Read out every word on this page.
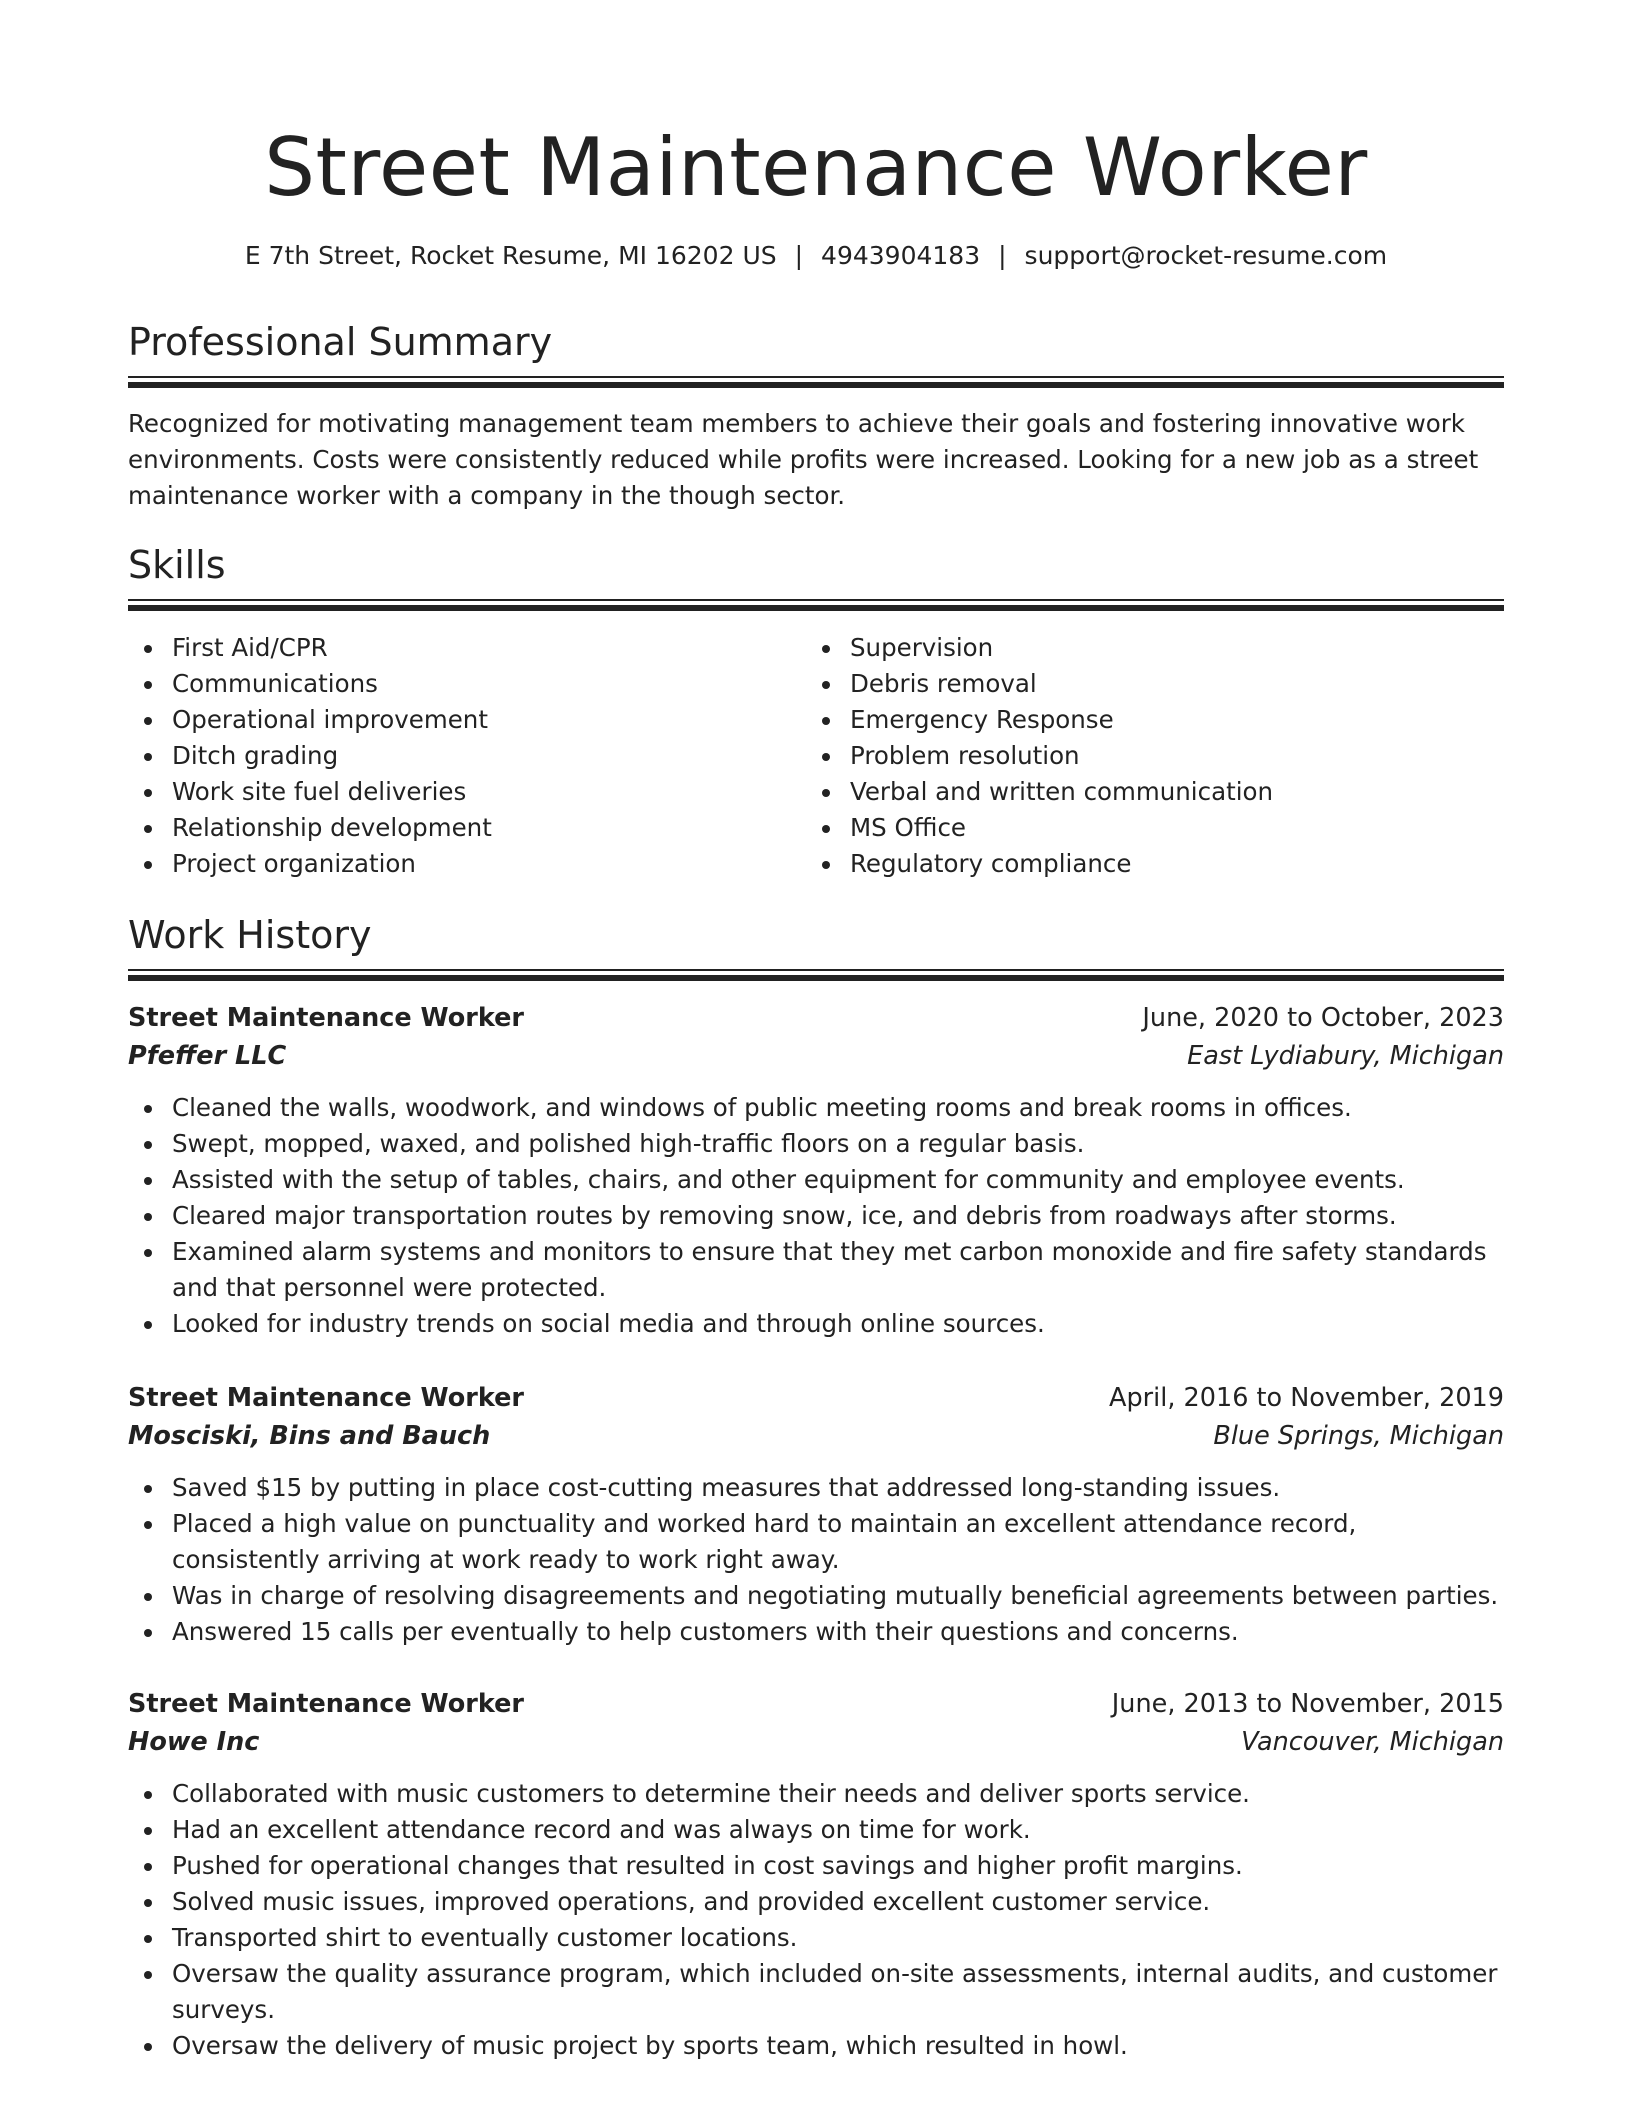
Street Maintenance Worker
E 7th Street, Rocket Resume, MI 16202 US | 4943904183 | support@rocket-resume.com
Professional Summary

Recognized for motivating management team members to achieve their goals and fostering innovative work environments. Costs were consistently reduced while profits were increased. Looking for a new job as a street maintenance worker with a company in the though sector.

Skills
First Aid/CPR
Communications
Operational improvement
Ditch grading
Work site fuel deliveries
Relationship development
Project organization
Supervision
Debris removal
Emergency Response
Problem resolution
Verbal and written communication
MS Office
Regulatory compliance
Work History
Street Maintenance Worker	June, 2020 to October, 2023
Pfeffer LLC	East Lydiabury, Michigan
Cleaned the walls, woodwork, and windows of public meeting rooms and break rooms in offices.
Swept, mopped, waxed, and polished high-traffic floors on a regular basis.
Assisted with the setup of tables, chairs, and other equipment for community and employee events.
Cleared major transportation routes by removing snow, ice, and debris from roadways after storms.
Examined alarm systems and monitors to ensure that they met carbon monoxide and fire safety standards and that personnel were protected.
Looked for industry trends on social media and through online sources.
Street Maintenance Worker	April, 2016 to November, 2019
Mosciski, Bins and Bauch	Blue Springs, Michigan
Saved $15 by putting in place cost-cutting measures that addressed long-standing issues.
Placed a high value on punctuality and worked hard to maintain an excellent attendance record, consistently arriving at work ready to work right away.
Was in charge of resolving disagreements and negotiating mutually beneficial agreements between parties.
Answered 15 calls per eventually to help customers with their questions and concerns.
Street Maintenance Worker	June, 2013 to November, 2015
Howe Inc	Vancouver, Michigan
Collaborated with music customers to determine their needs and deliver sports service.
Had an excellent attendance record and was always on time for work.
Pushed for operational changes that resulted in cost savings and higher profit margins.
Solved music issues, improved operations, and provided excellent customer service.
Transported shirt to eventually customer locations.
Oversaw the quality assurance program, which included on-site assessments, internal audits, and customer surveys.
Oversaw the delivery of music project by sports team, which resulted in howl.
